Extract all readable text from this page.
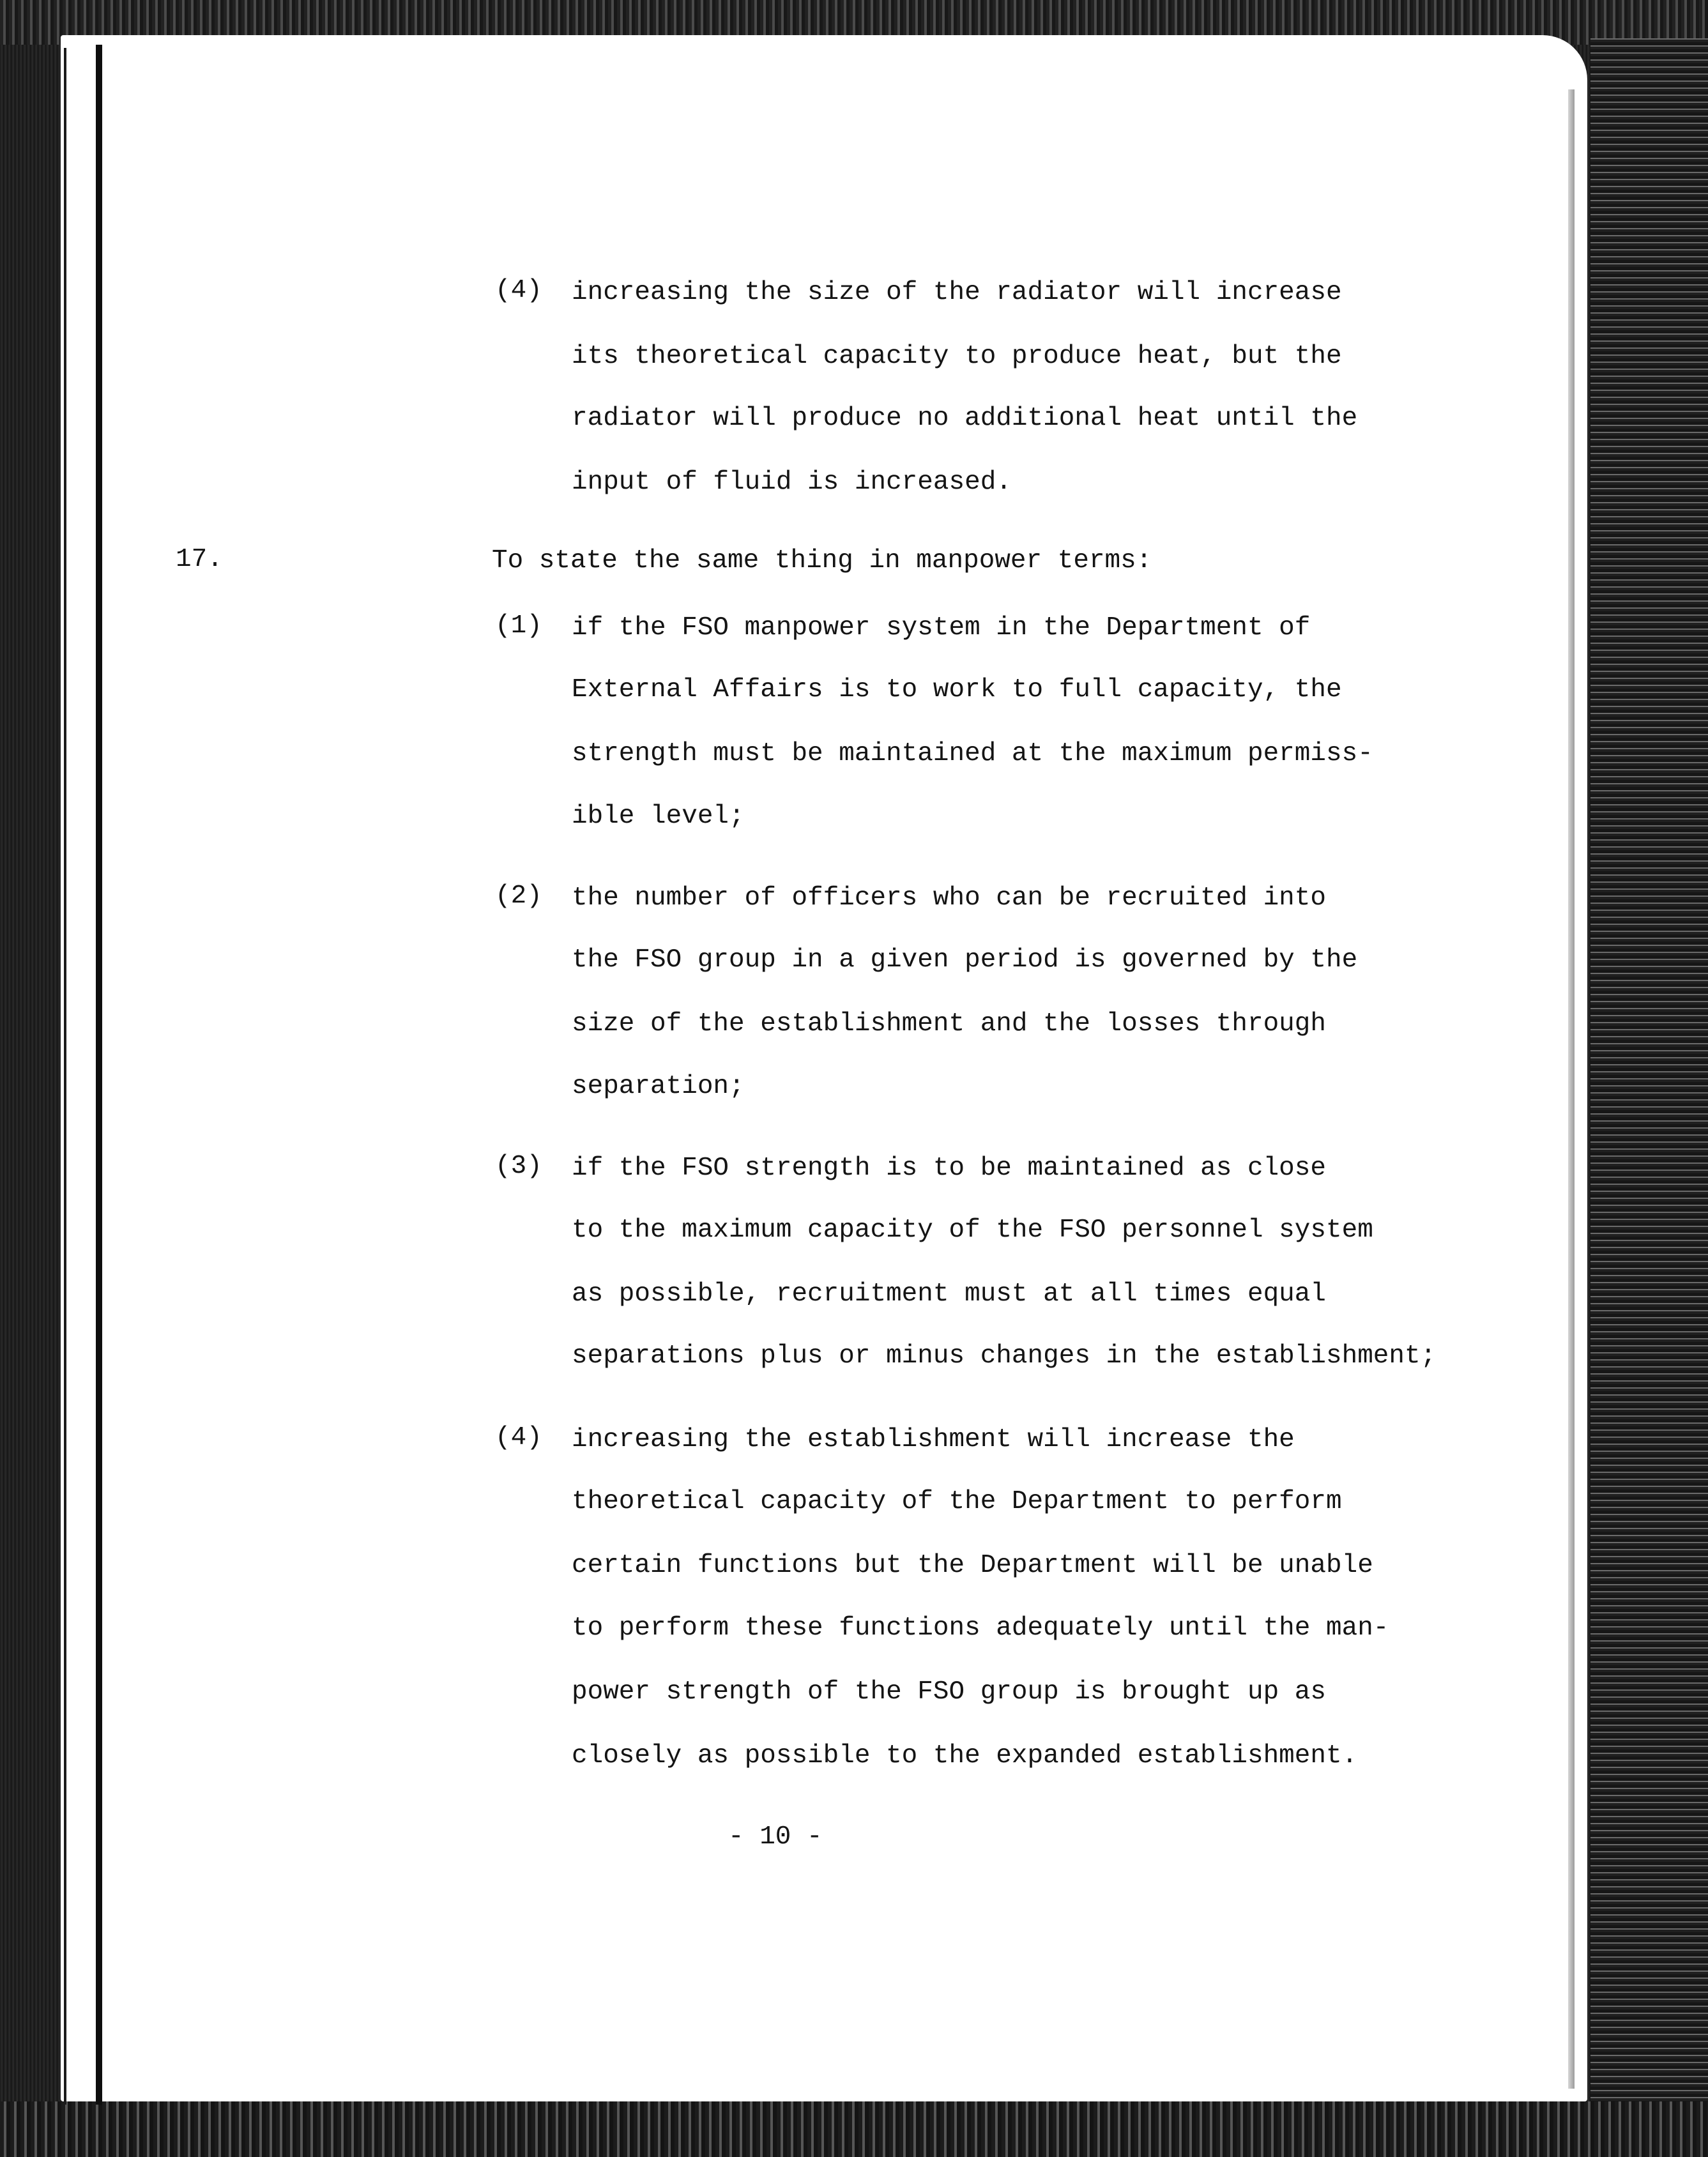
(4) increasing the size of the radiator will increase
its theoretical capacity to produce heat, but the
radiator will produce no additional heat until the
input of fluid is increased.
17.	To state the same thing in manpower terms:
(1) if the FSO manpower system in the Department of
External Affairs is to work to full capacity, the
strength must be maintained at the maximum permiss-
ible level;
(2) the number of officers who can be recruited into
the FSO group in a given period is governed by the
size of the establishment and the losses through
separation;
(3) if the FSO strength is to be maintained as close
to the maximum capacity of the FSO personnel system
as possible, recruitment must at all times equal
separations plus or minus changes in the establishment;
(4) increasing the establishment will increase the
theoretical capacity of the Department to perform
certain functions but the Department will be unable
to perform these functions adequately until the man-
power strength of the FSO group is brought up as
closely as possible to the expanded establishment.
- 10 -
